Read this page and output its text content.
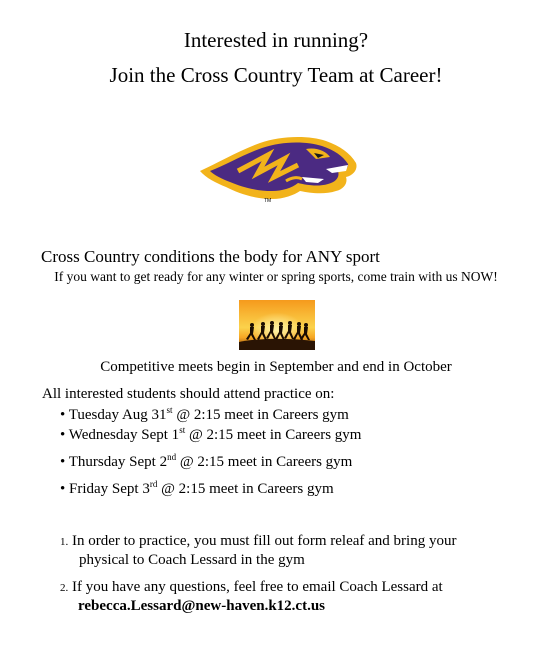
Interested in running?
Join the Cross Country Team at Career!
TM
Cross Country conditions the body for ANY sport
If you want to get ready for any winter or spring sports, come train with us NOW!
Competitive meets begin in September and end in October
All interested students should attend practice on:
• Tuesday Aug 31st @ 2:15 meet in Careers gym
• Wednesday Sept 1st @ 2:15 meet in Careers gym
• Thursday Sept 2nd @ 2:15 meet in Careers gym
• Friday Sept 3rd @ 2:15 meet in Careers gym
1. In order to practice, you must fill out form releaf and bring your
physical to Coach Lessard in the gym
2. If you have any questions, feel free to email Coach Lessard at
rebecca.Lessard@new-haven.k12.ct.us
